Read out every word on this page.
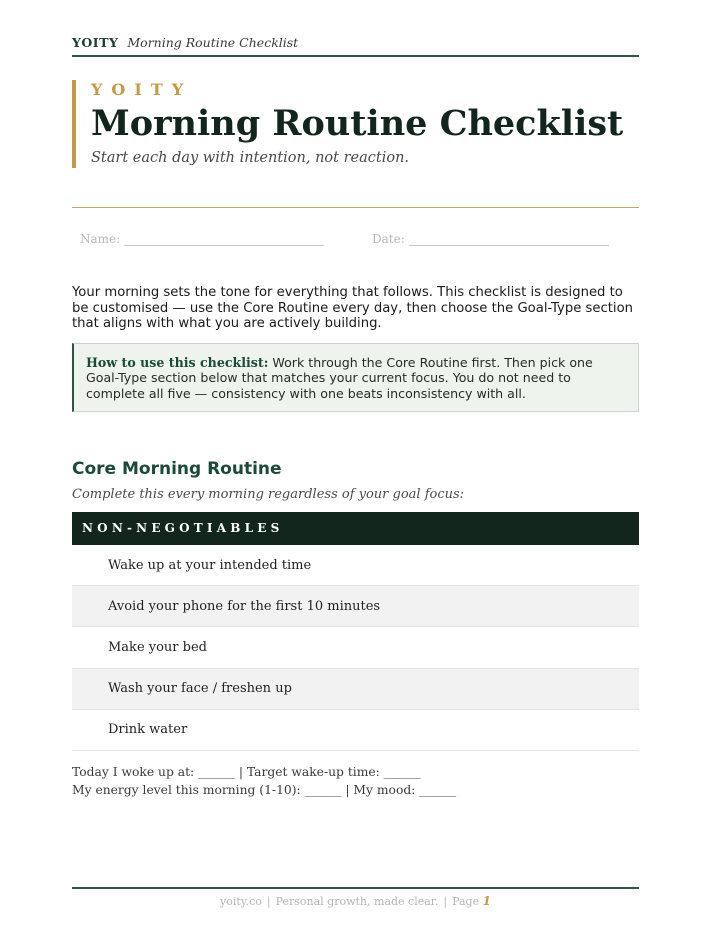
YOITY Morning Routine Checklist
YOITY
Morning Routine Checklist
Start each day with intention, not reaction.
Name:	Date:
Your morning sets the tone for everything that follows. This checklist is designed to be customised — use the Core Routine every day, then choose the Goal-Type section that aligns with what you are actively building.
How to use this checklist: Work through the Core Routine first. Then pick one Goal-Type section below that matches your current focus. You do not need to complete all five — consistency with one beats inconsistency with all.
Core Morning Routine
Complete this every morning regardless of your goal focus:
NON-NEGOTIABLES
Wake up at your intended time
Avoid your phone for the first 10 minutes
Make your bed
Wash your face / freshen up
Drink water
Today I woke up at: ______ | Target wake-up time: ______
My energy level this morning (1-10): ______ | My mood: ______
yoity.co | Personal growth, made clear. | Page 1
